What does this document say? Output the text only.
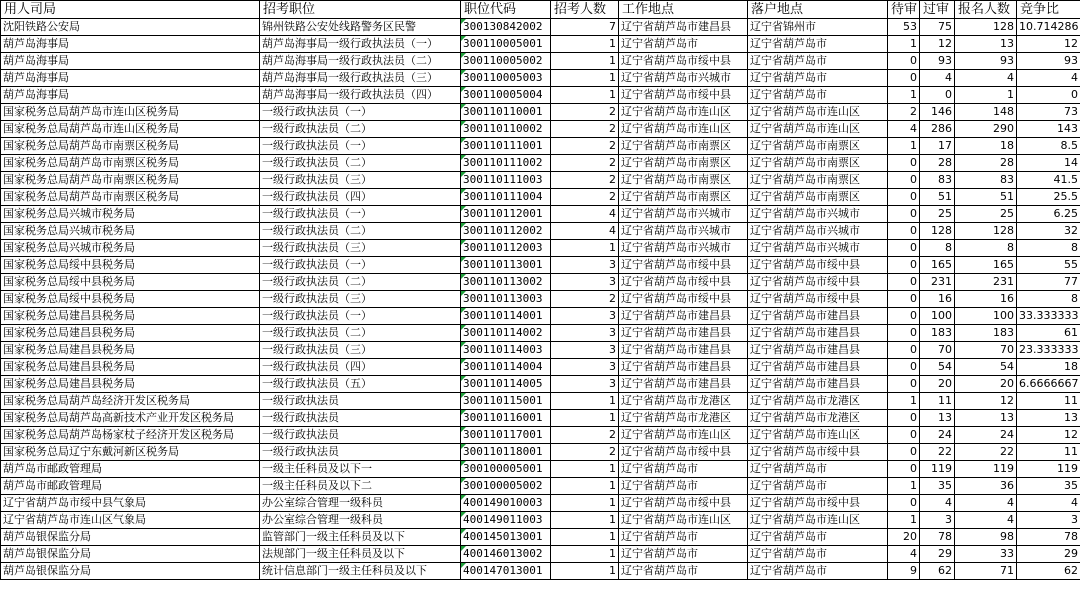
用人司局	招考职位	职位代码	招考人数	工作地点	落户地点	待审	过审	报名人数	竞争比
沈阳铁路公安局	锦州铁路公安处线路警务区民警	300130842002	7	辽宁省葫芦岛市建昌县	辽宁省锦州市	53	75	128	10.714286
葫芦岛海事局	葫芦岛海事局一级行政执法员（一）	300110005001	1	辽宁省葫芦岛市	辽宁省葫芦岛市	1	12	13	12
葫芦岛海事局	葫芦岛海事局一级行政执法员（二）	300110005002	1	辽宁省葫芦岛市绥中县	辽宁省葫芦岛市	0	93	93	93
葫芦岛海事局	葫芦岛海事局一级行政执法员（三）	300110005003	1	辽宁省葫芦岛市兴城市	辽宁省葫芦岛市	0	4	4	4
葫芦岛海事局	葫芦岛海事局一级行政执法员（四）	300110005004	1	辽宁省葫芦岛市绥中县	辽宁省葫芦岛市	1	0	1	0
国家税务总局葫芦岛市连山区税务局	一级行政执法员（一）	300110110001	2	辽宁省葫芦岛市连山区	辽宁省葫芦岛市连山区	2	146	148	73
国家税务总局葫芦岛市连山区税务局	一级行政执法员（二）	300110110002	2	辽宁省葫芦岛市连山区	辽宁省葫芦岛市连山区	4	286	290	143
国家税务总局葫芦岛市南票区税务局	一级行政执法员（一）	300110111001	2	辽宁省葫芦岛市南票区	辽宁省葫芦岛市南票区	1	17	18	8.5
国家税务总局葫芦岛市南票区税务局	一级行政执法员（二）	300110111002	2	辽宁省葫芦岛市南票区	辽宁省葫芦岛市南票区	0	28	28	14
国家税务总局葫芦岛市南票区税务局	一级行政执法员（三）	300110111003	2	辽宁省葫芦岛市南票区	辽宁省葫芦岛市南票区	0	83	83	41.5
国家税务总局葫芦岛市南票区税务局	一级行政执法员（四）	300110111004	2	辽宁省葫芦岛市南票区	辽宁省葫芦岛市南票区	0	51	51	25.5
国家税务总局兴城市税务局	一级行政执法员（一）	300110112001	4	辽宁省葫芦岛市兴城市	辽宁省葫芦岛市兴城市	0	25	25	6.25
国家税务总局兴城市税务局	一级行政执法员（二）	300110112002	4	辽宁省葫芦岛市兴城市	辽宁省葫芦岛市兴城市	0	128	128	32
国家税务总局兴城市税务局	一级行政执法员（三）	300110112003	1	辽宁省葫芦岛市兴城市	辽宁省葫芦岛市兴城市	0	8	8	8
国家税务总局绥中县税务局	一级行政执法员（一）	300110113001	3	辽宁省葫芦岛市绥中县	辽宁省葫芦岛市绥中县	0	165	165	55
国家税务总局绥中县税务局	一级行政执法员（二）	300110113002	3	辽宁省葫芦岛市绥中县	辽宁省葫芦岛市绥中县	0	231	231	77
国家税务总局绥中县税务局	一级行政执法员（三）	300110113003	2	辽宁省葫芦岛市绥中县	辽宁省葫芦岛市绥中县	0	16	16	8
国家税务总局建昌县税务局	一级行政执法员（一）	300110114001	3	辽宁省葫芦岛市建昌县	辽宁省葫芦岛市建昌县	0	100	100	33.333333
国家税务总局建昌县税务局	一级行政执法员（二）	300110114002	3	辽宁省葫芦岛市建昌县	辽宁省葫芦岛市建昌县	0	183	183	61
国家税务总局建昌县税务局	一级行政执法员（三）	300110114003	3	辽宁省葫芦岛市建昌县	辽宁省葫芦岛市建昌县	0	70	70	23.333333
国家税务总局建昌县税务局	一级行政执法员（四）	300110114004	3	辽宁省葫芦岛市建昌县	辽宁省葫芦岛市建昌县	0	54	54	18
国家税务总局建昌县税务局	一级行政执法员（五）	300110114005	3	辽宁省葫芦岛市建昌县	辽宁省葫芦岛市建昌县	0	20	20	6.6666667
国家税务总局葫芦岛经济开发区税务局	一级行政执法员	300110115001	1	辽宁省葫芦岛市龙港区	辽宁省葫芦岛市龙港区	1	11	12	11
国家税务总局葫芦岛高新技术产业开发区税务局	一级行政执法员	300110116001	1	辽宁省葫芦岛市龙港区	辽宁省葫芦岛市龙港区	0	13	13	13
国家税务总局葫芦岛杨家杖子经济开发区税务局	一级行政执法员	300110117001	2	辽宁省葫芦岛市连山区	辽宁省葫芦岛市连山区	0	24	24	12
国家税务总局辽宁东戴河新区税务局	一级行政执法员	300110118001	2	辽宁省葫芦岛市绥中县	辽宁省葫芦岛市绥中县	0	22	22	11
葫芦岛市邮政管理局	一级主任科员及以下一	300100005001	1	辽宁省葫芦岛市	辽宁省葫芦岛市	0	119	119	119
葫芦岛市邮政管理局	一级主任科员及以下二	300100005002	1	辽宁省葫芦岛市	辽宁省葫芦岛市	1	35	36	35
辽宁省葫芦岛市绥中县气象局	办公室综合管理一级科员	400149010003	1	辽宁省葫芦岛市绥中县	辽宁省葫芦岛市绥中县	0	4	4	4
辽宁省葫芦岛市连山区气象局	办公室综合管理一级科员	400149011003	1	辽宁省葫芦岛市连山区	辽宁省葫芦岛市连山区	1	3	4	3
葫芦岛银保监分局	监管部门一级主任科员及以下	400145013001	1	辽宁省葫芦岛市	辽宁省葫芦岛市	20	78	98	78
葫芦岛银保监分局	法规部门一级主任科员及以下	400146013002	1	辽宁省葫芦岛市	辽宁省葫芦岛市	4	29	33	29
葫芦岛银保监分局	统计信息部门一级主任科员及以下	400147013001	1	辽宁省葫芦岛市	辽宁省葫芦岛市	9	62	71	62
